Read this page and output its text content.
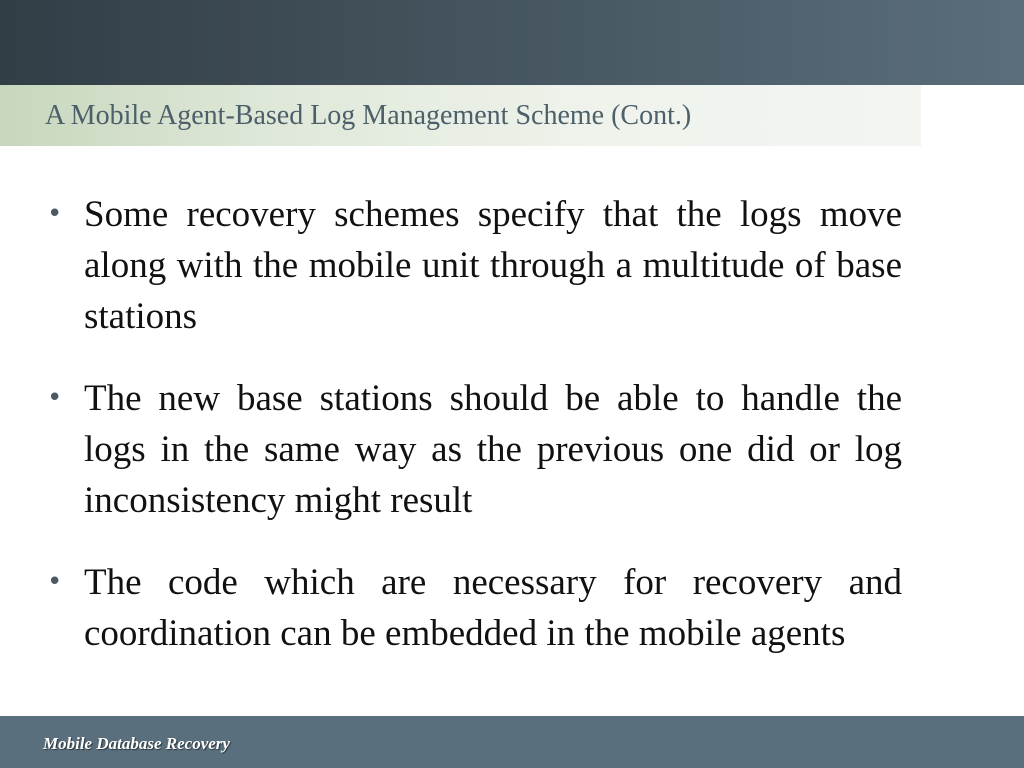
A Mobile Agent-Based Log Management Scheme (Cont.)
• Some recovery schemes specify that the logs move along with the mobile unit through a multitude of base stations
• The new base stations should be able to handle the logs in the same way as the previous one did or log inconsistency might result
• The code which are necessary for recovery and coordination can be embedded in the mobile agents
Mobile Database Recovery
